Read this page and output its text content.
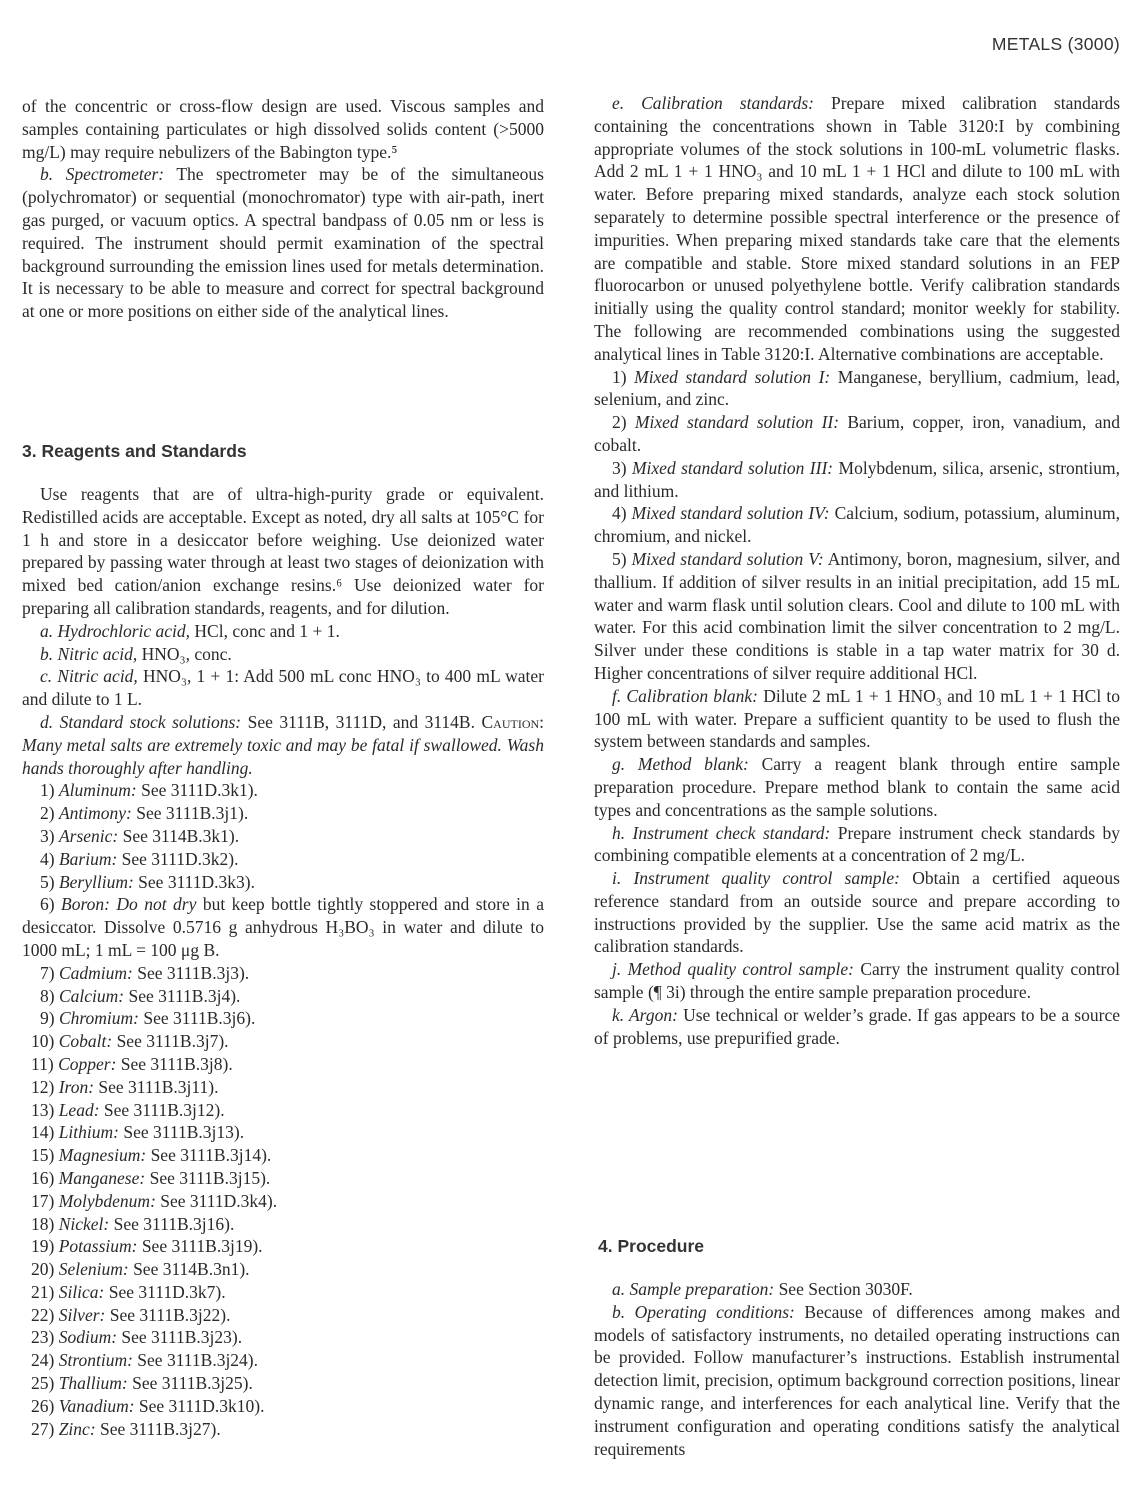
METALS (3000)

of the concentric or cross-flow design are used. Viscous samples and samples containing particulates or high dissolved solids content (>5000 mg/L) may require nebulizers of the Babington type.⁵

b. Spectrometer: The spectrometer may be of the simultaneous (polychromator) or sequential (monochromator) type with air-path, inert gas purged, or vacuum optics. A spectral bandpass of 0.05 nm or less is required. The instrument should permit examination of the spectral background surrounding the emission lines used for metals determination. It is necessary to be able to measure and correct for spectral background at one or more positions on either side of the analytical lines.

3. Reagents and Standards

Use reagents that are of ultra-high-purity grade or equivalent. Redistilled acids are acceptable. Except as noted, dry all salts at 105°C for 1 h and store in a desiccator before weighing. Use deionized water prepared by passing water through at least two stages of deionization with mixed bed cation/anion exchange resins.⁶ Use deionized water for preparing all calibration standards, reagents, and for dilution.

a. Hydrochloric acid, HCl, conc and 1 + 1.

b. Nitric acid, HNO₃, conc.

c. Nitric acid, HNO₃, 1 + 1: Add 500 mL conc HNO₃ to 400 mL water and dilute to 1 L.

d. Standard stock solutions: See 3111B, 3111D, and 3114B. Caution: Many metal salts are extremely toxic and may be fatal if swallowed. Wash hands thoroughly after handling.

1) Aluminum: See 3111D.3k1).

2) Antimony: See 3111B.3j1).

3) Arsenic: See 3114B.3k1).

4) Barium: See 3111D.3k2).

5) Beryllium: See 3111D.3k3).

6) Boron: Do not dry but keep bottle tightly stoppered and store in a desiccator. Dissolve 0.5716 g anhydrous H₃BO₃ in water and dilute to 1000 mL; 1 mL = 100 μg B.

7) Cadmium: See 3111B.3j3).

8) Calcium: See 3111B.3j4).

9) Chromium: See 3111B.3j6).

10) Cobalt: See 3111B.3j7).

11) Copper: See 3111B.3j8).

12) Iron: See 3111B.3j11).

13) Lead: See 3111B.3j12).

14) Lithium: See 3111B.3j13).

15) Magnesium: See 3111B.3j14).

16) Manganese: See 3111B.3j15).

17) Molybdenum: See 3111D.3k4).

18) Nickel: See 3111B.3j16).

19) Potassium: See 3111B.3j19).

20) Selenium: See 3114B.3n1).

21) Silica: See 3111D.3k7).

22) Silver: See 3111B.3j22).

23) Sodium: See 3111B.3j23).

24) Strontium: See 3111B.3j24).

25) Thallium: See 3111B.3j25).

26) Vanadium: See 3111D.3k10).

27) Zinc: See 3111B.3j27).

e. Calibration standards: Prepare mixed calibration standards containing the concentrations shown in Table 3120:I by combining appropriate volumes of the stock solutions in 100-mL volumetric flasks. Add 2 mL 1 + 1 HNO₃ and 10 mL 1 + 1 HCl and dilute to 100 mL with water. Before preparing mixed standards, analyze each stock solution separately to determine possible spectral interference or the presence of impurities. When preparing mixed standards take care that the elements are compatible and stable. Store mixed standard solutions in an FEP fluorocarbon or unused polyethylene bottle. Verify calibration standards initially using the quality control standard; monitor weekly for stability. The following are recommended combinations using the suggested analytical lines in Table 3120:I. Alternative combinations are acceptable.

1) Mixed standard solution I: Manganese, beryllium, cadmium, lead, selenium, and zinc.

2) Mixed standard solution II: Barium, copper, iron, vanadium, and cobalt.

3) Mixed standard solution III: Molybdenum, silica, arsenic, strontium, and lithium.

4) Mixed standard solution IV: Calcium, sodium, potassium, aluminum, chromium, and nickel.

5) Mixed standard solution V: Antimony, boron, magnesium, silver, and thallium. If addition of silver results in an initial precipitation, add 15 mL water and warm flask until solution clears. Cool and dilute to 100 mL with water. For this acid combination limit the silver concentration to 2 mg/L. Silver under these conditions is stable in a tap water matrix for 30 d. Higher concentrations of silver require additional HCl.

f. Calibration blank: Dilute 2 mL 1 + 1 HNO₃ and 10 mL 1 + 1 HCl to 100 mL with water. Prepare a sufficient quantity to be used to flush the system between standards and samples.

g. Method blank: Carry a reagent blank through entire sample preparation procedure. Prepare method blank to contain the same acid types and concentrations as the sample solutions.

h. Instrument check standard: Prepare instrument check standards by combining compatible elements at a concentration of 2 mg/L.

i. Instrument quality control sample: Obtain a certified aqueous reference standard from an outside source and prepare according to instructions provided by the supplier. Use the same acid matrix as the calibration standards.

j. Method quality control sample: Carry the instrument quality control sample (¶ 3i) through the entire sample preparation procedure.

k. Argon: Use technical or welder’s grade. If gas appears to be a source of problems, use prepurified grade.

4. Procedure

a. Sample preparation: See Section 3030F.

b. Operating conditions: Because of differences among makes and models of satisfactory instruments, no detailed operating instructions can be provided. Follow manufacturer’s instructions. Establish instrumental detection limit, precision, optimum background correction positions, linear dynamic range, and interferences for each analytical line. Verify that the instrument configuration and operating conditions satisfy the analytical requirements
